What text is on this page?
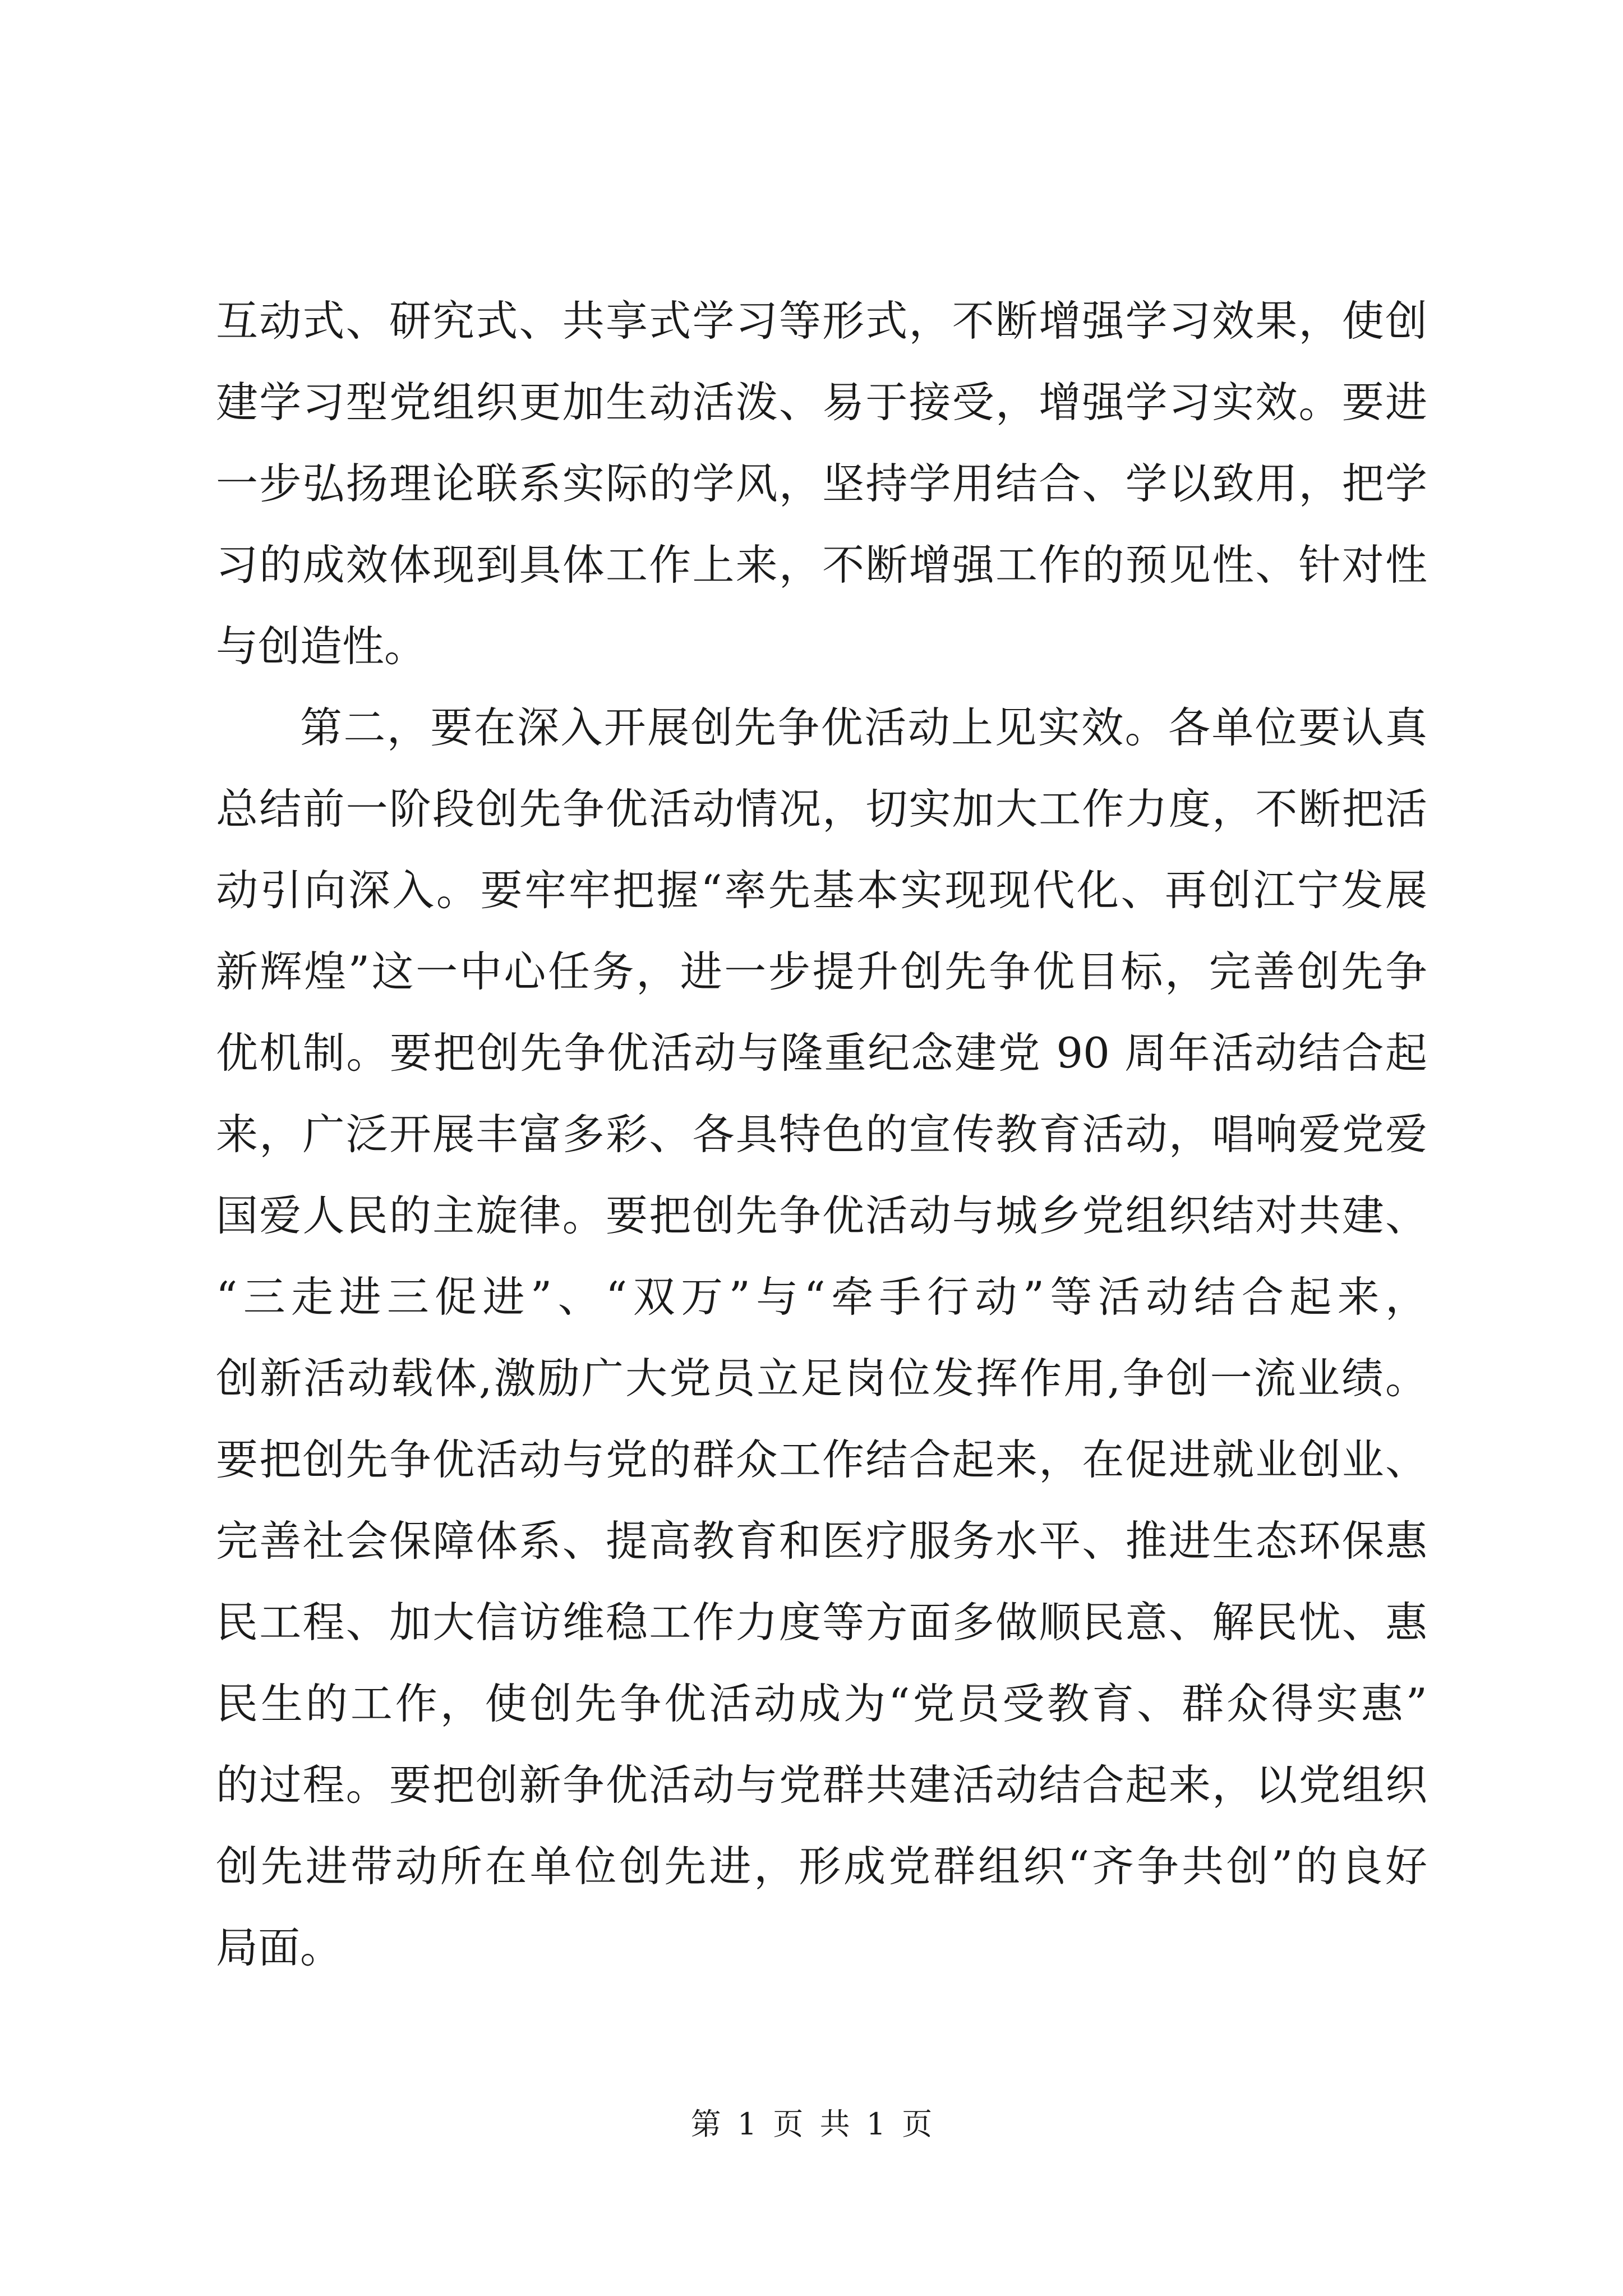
互动式、研究式、共享式学习等形式，不断增强学习效果，使创
建学习型党组织更加生动活泼、易于接受，增强学习实效。要进
一步弘扬理论联系实际的学风，坚持学用结合、学以致用，把学
习的成效体现到具体工作上来，不断增强工作的预见性、针对性
与创造性。
第二，要在深入开展创先争优活动上见实效。各单位要认真
总结前一阶段创先争优活动情况，切实加大工作力度，不断把活
动引向深入。要牢牢把握“率先基本实现现代化、再创江宁发展
新辉煌”这一中心任务，进一步提升创先争优目标，完善创先争
优机制。要把创先争优活动与隆重纪念建党 90 周年活动结合起
来，广泛开展丰富多彩、各具特色的宣传教育活动，唱响爱党爱
国爱人民的主旋律。要把创先争优活动与城乡党组织结对共建、
“三走进三促进”、“双万”与“牵手行动”等活动结合起来，
创新活动载体,激励广大党员立足岗位发挥作用,争创一流业绩。
要把创先争优活动与党的群众工作结合起来，在促进就业创业、
完善社会保障体系、提高教育和医疗服务水平、推进生态环保惠
民工程、加大信访维稳工作力度等方面多做顺民意、解民忧、惠
民生的工作，使创先争优活动成为“党员受教育、群众得实惠”
的过程。要把创新争优活动与党群共建活动结合起来，以党组织
创先进带动所在单位创先进，形成党群组织“齐争共创”的良好
局面。
第 1 页 共 1 页
